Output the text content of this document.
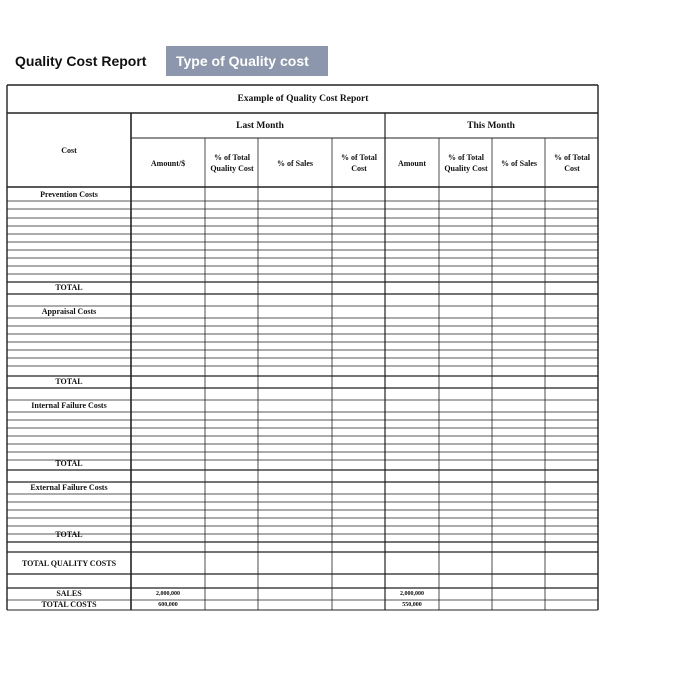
Quality Cost Report	Type of Quality cost
Example of Quality Cost Report
Last Month	This Month
Cost
Amount/$
% of Total
Quality Cost
% of Sales
% of Total
Cost
Amount
% of Total
Quality Cost
% of Sales
% of Total
Cost
Prevention Costs
TOTAL
Appraisal Costs
TOTAL
Internal Failure Costs
TOTAL
External Failure Costs
TOTAL
TOTAL QUALITY COSTS
SALES
TOTAL COSTS
2,000,000
600,000
2,000,000
550,000
